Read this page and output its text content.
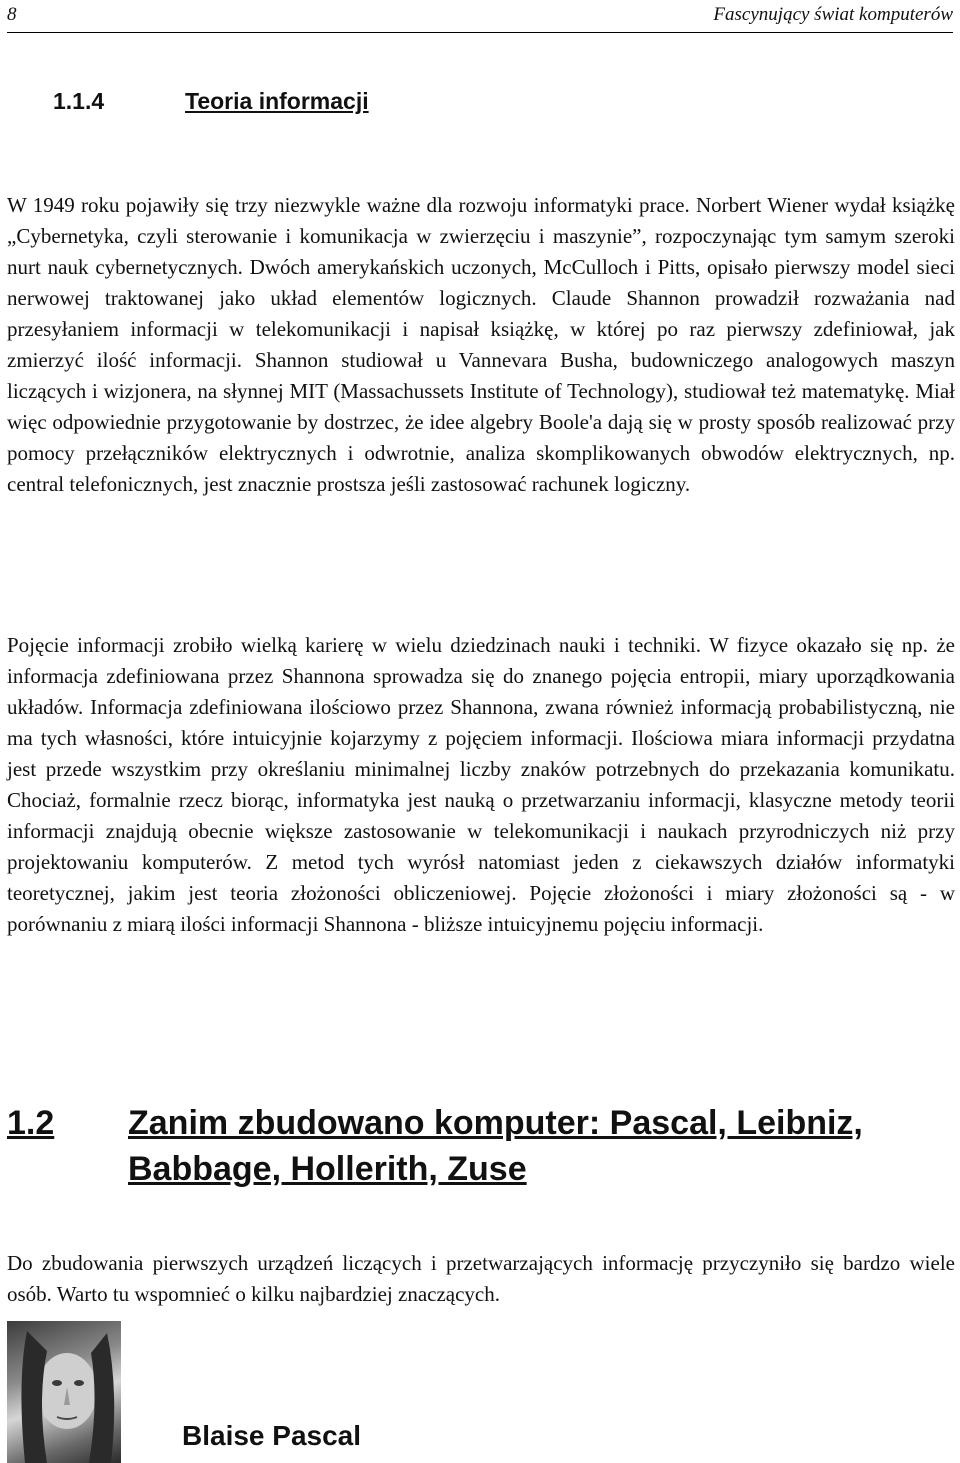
8	Fascynujący świat komputerów
1.1.4	Teoria informacji

W 1949 roku pojawiły się trzy niezwykle ważne dla rozwoju informatyki prace. Norbert Wiener wydał książkę „Cybernetyka, czyli sterowanie i komunikacja w zwierzęciu i maszynie”, rozpoczynając tym samym szeroki nurt nauk cybernetycznych. Dwóch amerykańskich uczonych, McCulloch i Pitts, opisało pierwszy model sieci nerwowej traktowanej jako układ elementów logicznych. Claude Shannon prowadził rozważania nad przesyłaniem informacji w telekomunikacji i napisał książkę, w której po raz pierwszy zdefiniował, jak zmierzyć ilość informacji. Shannon studiował u Vannevara Busha, budowniczego analogowych maszyn liczących i wizjonera, na słynnej MIT (Massachussets Institute of Technology), studiował też matematykę. Miał więc odpowiednie przygotowanie by dostrzec, że idee algebry Boole'a dają się w prosty sposób realizować przy pomocy przełączników elektrycznych i odwrotnie, analiza skomplikowanych obwodów elektrycznych, np. central telefonicznych, jest znacznie prostsza jeśli zastosować rachunek logiczny.

Pojęcie informacji zrobiło wielką karierę w wielu dziedzinach nauki i techniki. W fizyce okazało się np. że informacja zdefiniowana przez Shannona sprowadza się do znanego pojęcia entropii, miary uporządkowania układów. Informacja zdefiniowana ilościowo przez Shannona, zwana również informacją probabilistyczną, nie ma tych własności, które intuicyjnie kojarzymy z pojęciem informacji. Ilościowa miara informacji przydatna jest przede wszystkim przy określaniu minimalnej liczby znaków potrzebnych do przekazania komunikatu. Chociaż, formalnie rzecz biorąc, informatyka jest nauką o przetwarzaniu informacji, klasyczne metody teorii informacji znajdują obecnie większe zastosowanie w telekomunikacji i naukach przyrodniczych niż przy projektowaniu komputerów. Z metod tych wyrósł natomiast jeden z ciekawszych działów informatyki teoretycznej, jakim jest teoria złożoności obliczeniowej. Pojęcie złożoności i miary złożoności są - w porównaniu z miarą ilości informacji Shannona - bliższe intuicyjnemu pojęciu informacji.

1.2 Zanim zbudowano komputer: Pascal, Leibniz, Babbage, Hollerith, Zuse

Do zbudowania pierwszych urządzeń liczących i przetwarzających informację przyczyniło się bardzo wiele osób. Warto tu wspomnieć o kilku najbardziej znaczących.

Blaise Pascal
